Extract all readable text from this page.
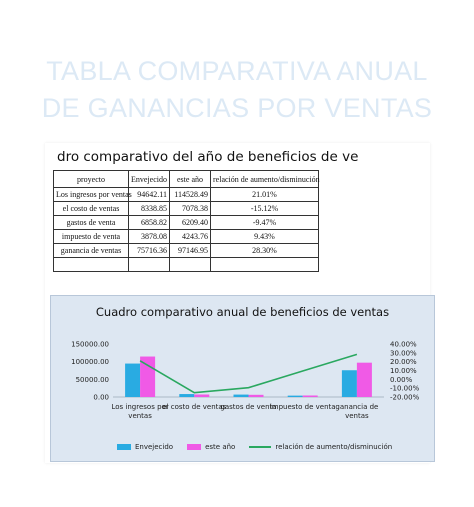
TABLA COMPARATIVA ANUAL
DE GANANCIAS POR VENTAS
dro comparativo del año de beneficios de ve
proyecto	Envejecido	este año	relación de aumento/disminución
Los ingresos por ventas	94642.11	114528.49	21.01%
el costo de ventas	8338.85	7078.38	-15.12%
gastos de venta	6858.82	6209.40	-9.47%
impuesto de venta	3878.08	4243.76	9.43%
ganancia de ventas	75716.36	97146.95	28.30%

Cuadro comparativo anual de beneficios de ventas
150000.00
100000.00
50000.00
0.00
40.00%
30.00%
20.00%
10.00%
0.00%
-10.00%
-20.00%
Los ingresos por
ventas
el costo de ventas
gastos de venta
impuesto de venta ganancia de
ventas
Envejecido	este año	relación de aumento/disminución
